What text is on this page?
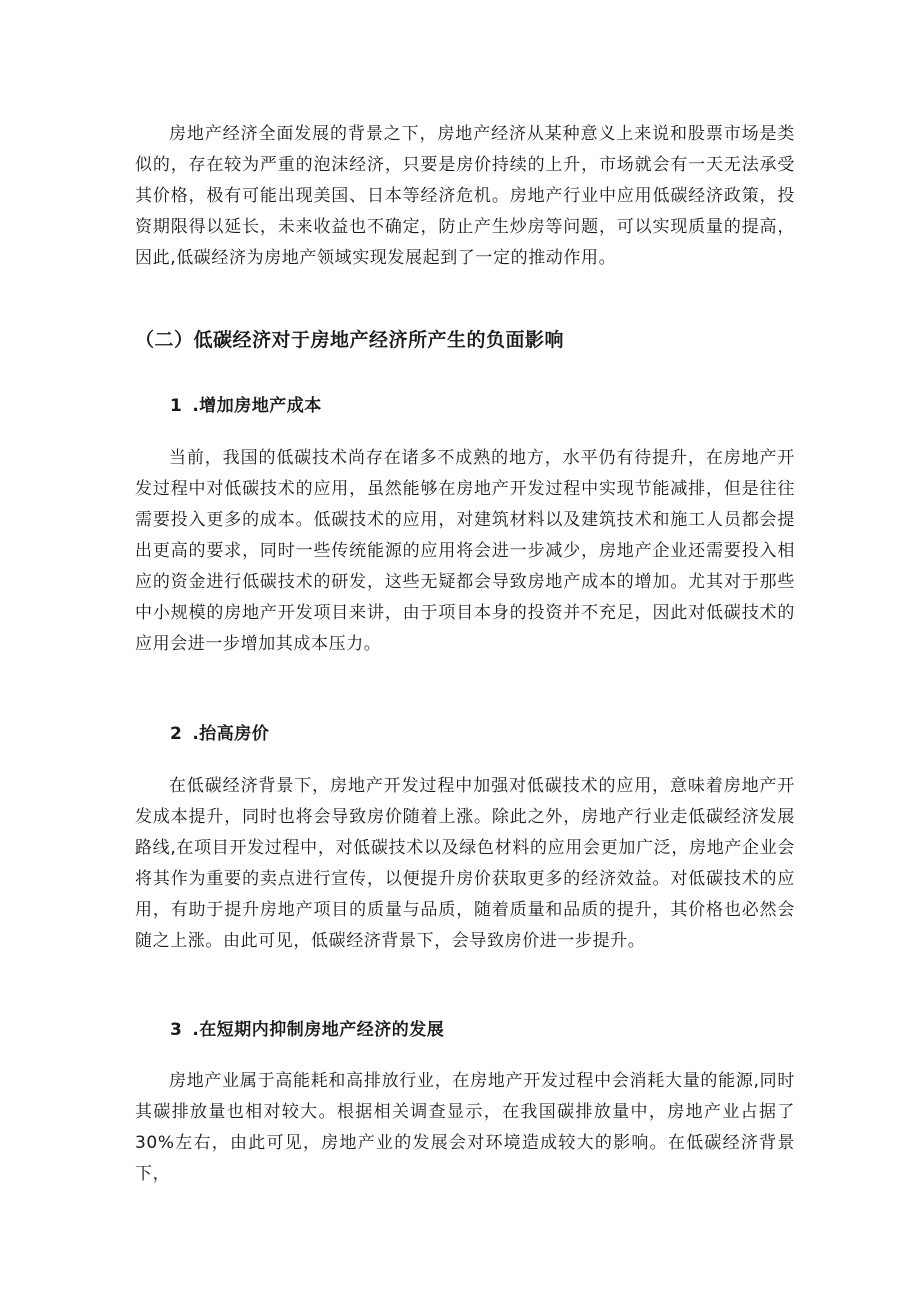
房地产经济全面发展的背景之下，房地产经济从某种意义上来说和股票市场是类似的，存在较为严重的泡沫经济，只要是房价持续的上升，市场就会有一天无法承受其价格，极有可能出现美国、日本等经济危机。房地产行业中应用低碳经济政策，投资期限得以延长，未来收益也不确定，防止产生炒房等问题，可以实现质量的提高，因此,低碳经济为房地产领域实现发展起到了一定的推动作用。

（二）低碳经济对于房地产经济所产生的负面影响
1 .增加房地产成本

当前，我国的低碳技术尚存在诸多不成熟的地方，水平仍有待提升，在房地产开发过程中对低碳技术的应用，虽然能够在房地产开发过程中实现节能减排，但是往往需要投入更多的成本。低碳技术的应用，对建筑材料以及建筑技术和施工人员都会提出更高的要求，同时一些传统能源的应用将会进一步减少，房地产企业还需要投入相应的资金进行低碳技术的研发，这些无疑都会导致房地产成本的增加。尤其对于那些中小规模的房地产开发项目来讲，由于项目本身的投资并不充足，因此对低碳技术的应用会进一步增加其成本压力。

2 .抬高房价

在低碳经济背景下，房地产开发过程中加强对低碳技术的应用，意味着房地产开发成本提升，同时也将会导致房价随着上涨。除此之外，房地产行业走低碳经济发展路线,在项目开发过程中，对低碳技术以及绿色材料的应用会更加广泛，房地产企业会将其作为重要的卖点进行宣传，以便提升房价获取更多的经济效益。对低碳技术的应用，有助于提升房地产项目的质量与品质，随着质量和品质的提升，其价格也必然会随之上涨。由此可见，低碳经济背景下，会导致房价进一步提升。

3 .在短期内抑制房地产经济的发展

房地产业属于高能耗和高排放行业，在房地产开发过程中会消耗大量的能源,同时其碳排放量也相对较大。根据相关调查显示，在我国碳排放量中，房地产业占据了30%左右，由此可见，房地产业的发展会对环境造成较大的影响。在低碳经济背景下，
